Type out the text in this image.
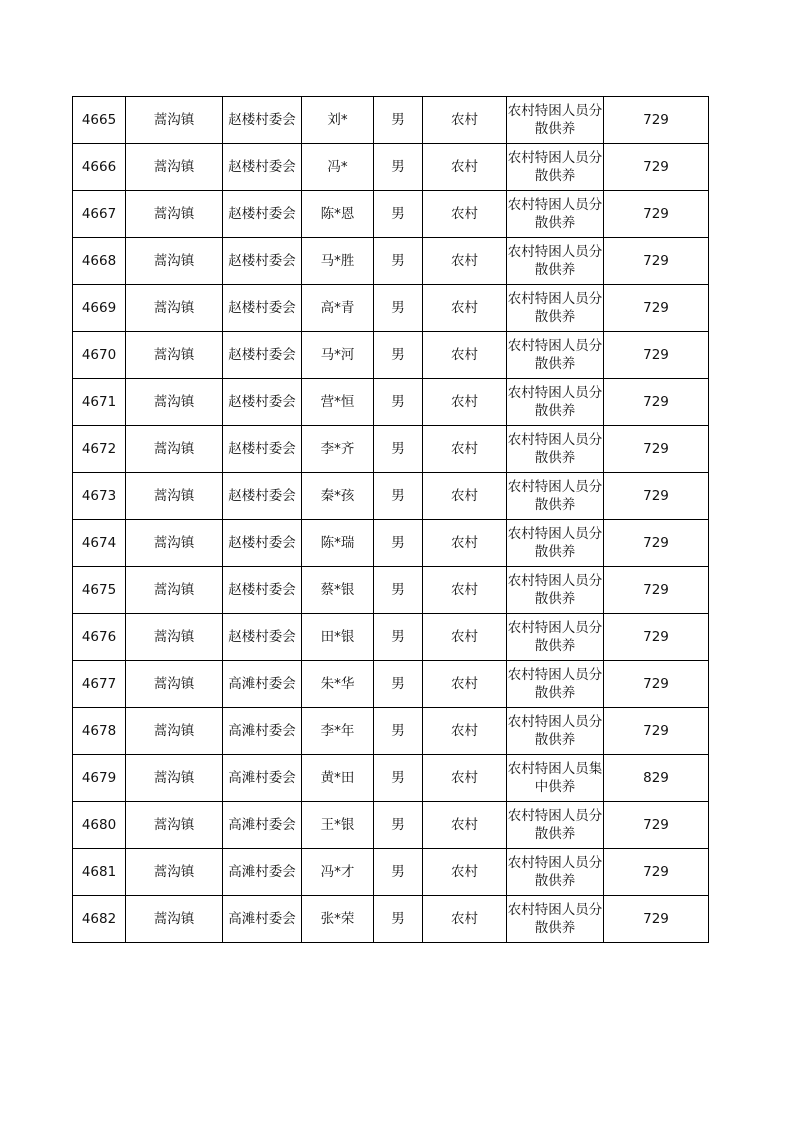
4665	蒿沟镇	赵楼村委会	刘*	男	农村	农村特困人员分散供养	729
4666	蒿沟镇	赵楼村委会	冯*	男	农村	农村特困人员分散供养	729
4667	蒿沟镇	赵楼村委会	陈*恩	男	农村	农村特困人员分散供养	729
4668	蒿沟镇	赵楼村委会	马*胜	男	农村	农村特困人员分散供养	729
4669	蒿沟镇	赵楼村委会	高*青	男	农村	农村特困人员分散供养	729
4670	蒿沟镇	赵楼村委会	马*河	男	农村	农村特困人员分散供养	729
4671	蒿沟镇	赵楼村委会	营*恒	男	农村	农村特困人员分散供养	729
4672	蒿沟镇	赵楼村委会	李*齐	男	农村	农村特困人员分散供养	729
4673	蒿沟镇	赵楼村委会	秦*孩	男	农村	农村特困人员分散供养	729
4674	蒿沟镇	赵楼村委会	陈*瑞	男	农村	农村特困人员分散供养	729
4675	蒿沟镇	赵楼村委会	蔡*银	男	农村	农村特困人员分散供养	729
4676	蒿沟镇	赵楼村委会	田*银	男	农村	农村特困人员分散供养	729
4677	蒿沟镇	高滩村委会	朱*华	男	农村	农村特困人员分散供养	729
4678	蒿沟镇	高滩村委会	李*年	男	农村	农村特困人员分散供养	729
4679	蒿沟镇	高滩村委会	黄*田	男	农村	农村特困人员集中供养	829
4680	蒿沟镇	高滩村委会	王*银	男	农村	农村特困人员分散供养	729
4681	蒿沟镇	高滩村委会	冯*才	男	农村	农村特困人员分散供养	729
4682	蒿沟镇	高滩村委会	张*荣	男	农村	农村特困人员分散供养	729
